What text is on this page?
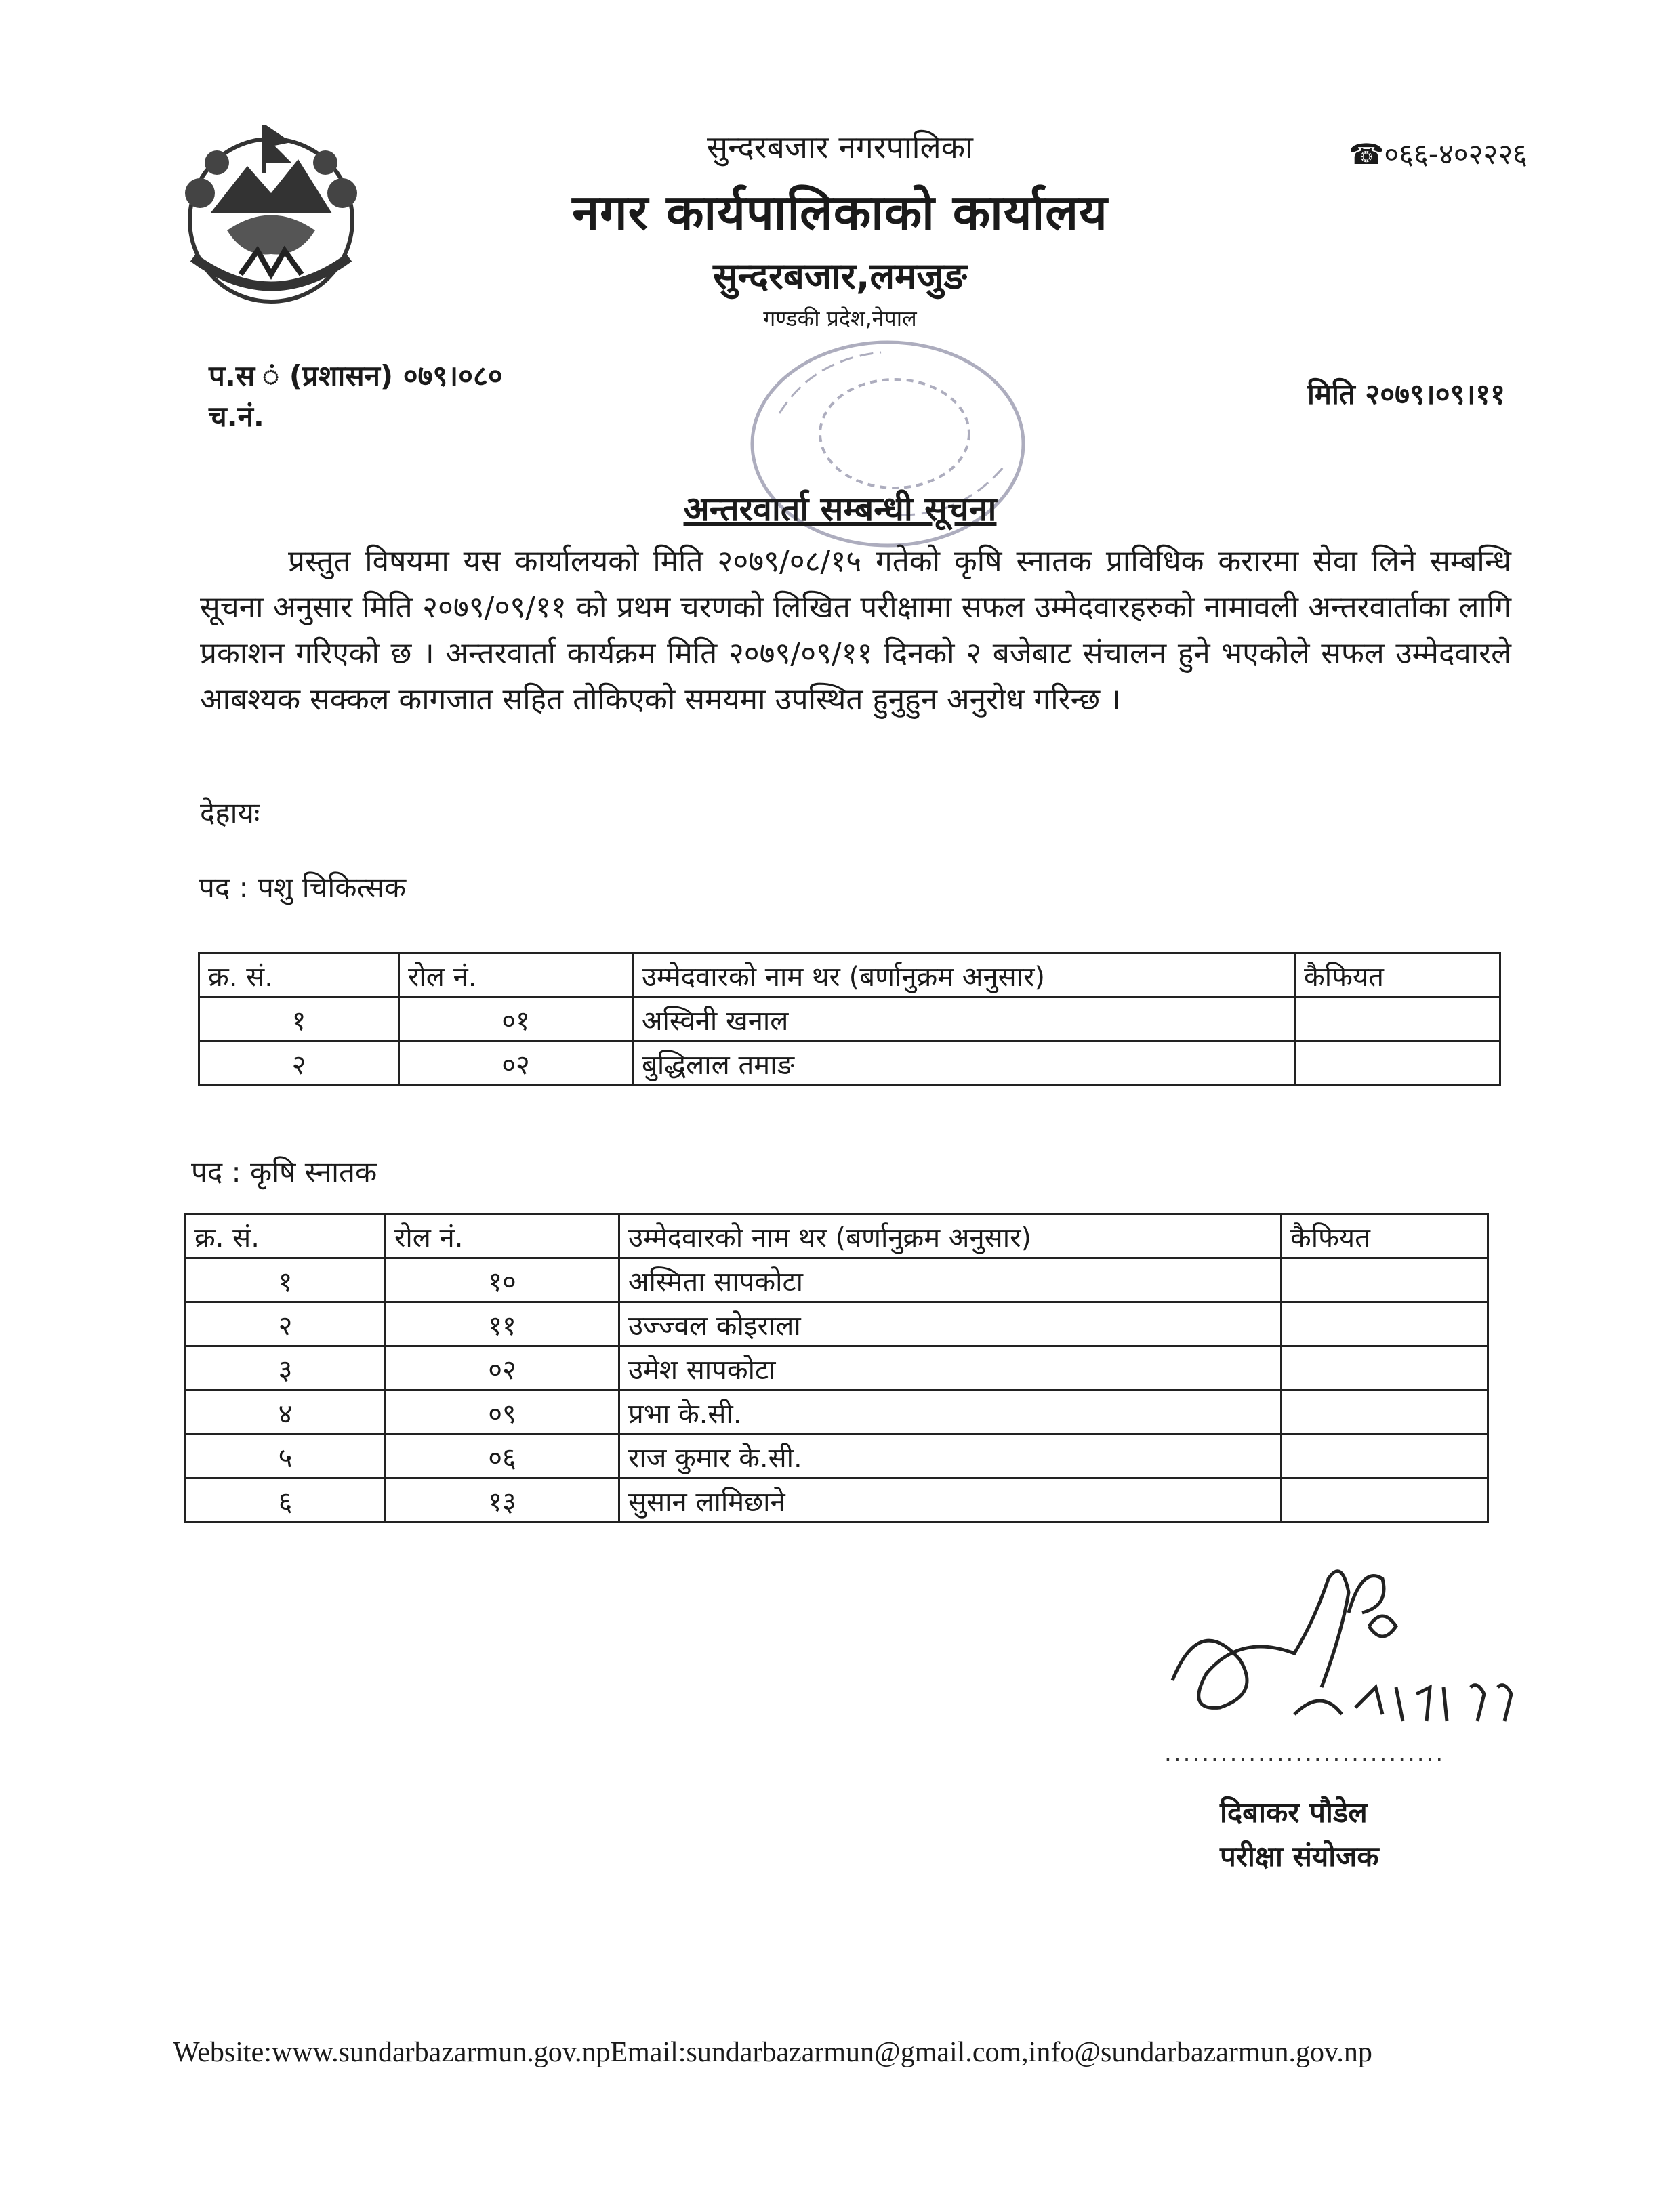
सुन्दरबजार नगरपालिका
नगर कार्यपालिकाको कार्यालय
सुन्दरबजार,लमजुङ
गण्डकी प्रदेश,नेपाल
☎०६६-४०२२२६
प.स ं (प्रशासन) ०७९।०८०
च.नं.
मिति २०७९।०९।११
अन्तरवार्ता सम्बन्धी सूचना
प्रस्तुत विषयमा यस कार्यालयको मिति २०७९/०८/१५ गतेको कृषि स्नातक प्राविधिक करारमा सेवा लिने सम्बन्धि सूचना अनुसार मिति २०७९/०९/११ को प्रथम चरणको लिखित परीक्षामा सफल उम्मेदवारहरुको नामावली अन्तरवार्ताका लागि प्रकाशन गरिएको छ । अन्तरवार्ता कार्यक्रम मिति २०७९/०९/११ दिनको २ बजेबाट संचालन हुने भएकोले सफल उम्मेदवारले आबश्यक सक्कल कागजात सहित तोकिएको समयमा उपस्थित हुनुहुन अनुरोध गरिन्छ ।
देहायः
पद : पशु चिकित्सक
क्र. सं.	रोल नं.	उम्मेदवारको नाम थर (बर्णानुक्रम अनुसार)	कैफियत
१	०१	अस्विनी खनाल	
२	०२	बुद्धिलाल तमाङ	
पद : कृषि स्नातक
क्र. सं.	रोल नं.	उम्मेदवारको नाम थर (बर्णानुक्रम अनुसार)	कैफियत
१	१०	अस्मिता सापकोटा	
२	११	उज्ज्वल कोइराला	
३	०२	उमेश सापकोटा	
४	०९	प्रभा के.सी.	
५	०६	राज कुमार के.सी.	
६	१३	सुसान लामिछाने	
..............................
दिबाकर पौडेल
परीक्षा संयोजक
Website:www.sundarbazarmun.gov.npEmail:sundarbazarmun@gmail.com,info@sundarbazarmun.gov.np
